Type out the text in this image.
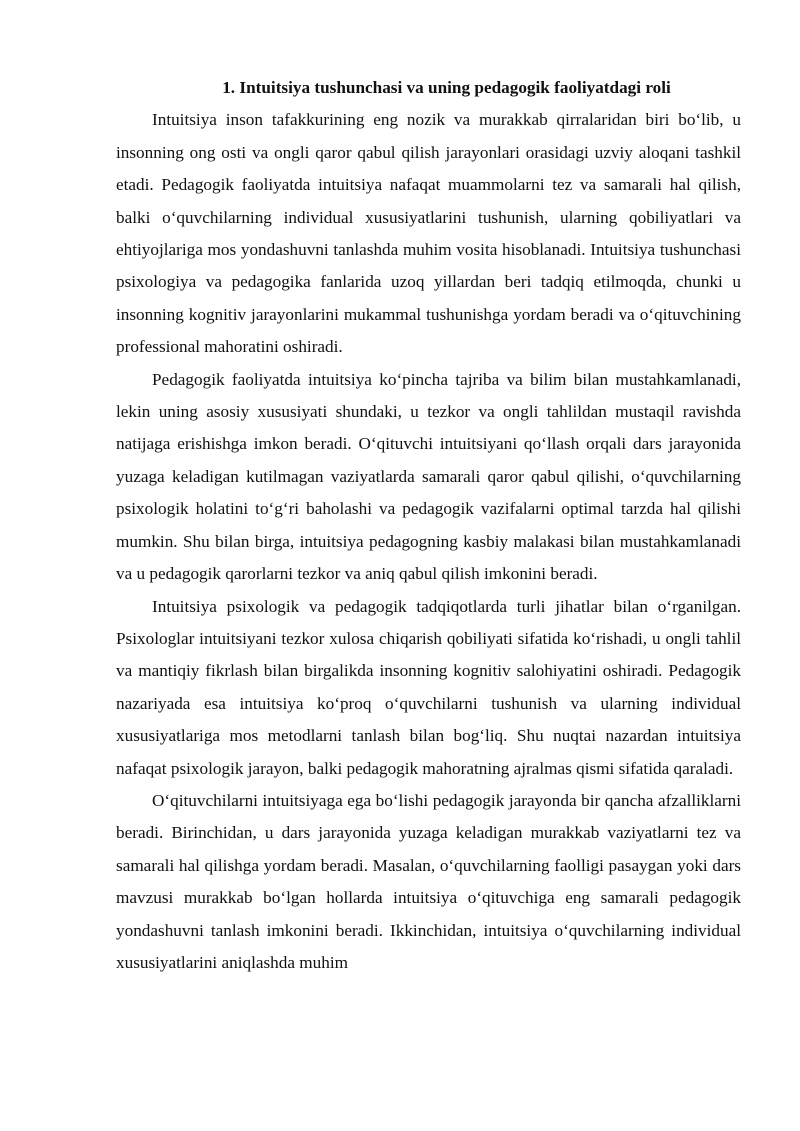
1. Intuitsiya tushunchasi va uning pedagogik faoliyatdagi roli

Intuitsiya inson tafakkurining eng nozik va murakkab qirralaridan biri bo‘lib, u insonning ong osti va ongli qaror qabul qilish jarayonlari orasidagi uzviy aloqani tashkil etadi. Pedagogik faoliyatda intuitsiya nafaqat muammolarni tez va samarali hal qilish, balki o‘quvchilarning individual xususiyatlarini tushunish, ularning qobiliyatlari va ehtiyojlariga mos yondashuvni tanlashda muhim vosita hisoblanadi. Intuitsiya tushunchasi psixologiya va pedagogika fanlarida uzoq yillardan beri tadqiq etilmoqda, chunki u insonning kognitiv jarayonlarini mukammal tushunishga yordam beradi va o‘qituvchining professional mahoratini oshiradi.

Pedagogik faoliyatda intuitsiya ko‘pincha tajriba va bilim bilan mustahkamlanadi, lekin uning asosiy xususiyati shundaki, u tezkor va ongli tahlildan mustaqil ravishda natijaga erishishga imkon beradi. O‘qituvchi intuitsiyani qo‘llash orqali dars jarayonida yuzaga keladigan kutilmagan vaziyatlarda samarali qaror qabul qilishi, o‘quvchilarning psixologik holatini to‘g‘ri baholashi va pedagogik vazifalarni optimal tarzda hal qilishi mumkin. Shu bilan birga, intuitsiya pedagogning kasbiy malakasi bilan mustahkamlanadi va u pedagogik qarorlarni tezkor va aniq qabul qilish imkonini beradi.

Intuitsiya psixologik va pedagogik tadqiqotlarda turli jihatlar bilan o‘rganilgan. Psixologlar intuitsiyani tezkor xulosa chiqarish qobiliyati sifatida ko‘rishadi, u ongli tahlil va mantiqiy fikrlash bilan birgalikda insonning kognitiv salohiyatini oshiradi. Pedagogik nazariyada esa intuitsiya ko‘proq o‘quvchilarni tushunish va ularning individual xususiyatlariga mos metodlarni tanlash bilan bog‘liq. Shu nuqtai nazardan intuitsiya nafaqat psixologik jarayon, balki pedagogik mahoratning ajralmas qismi sifatida qaraladi.

O‘qituvchilarni intuitsiyaga ega bo‘lishi pedagogik jarayonda bir qancha afzalliklarni beradi. Birinchidan, u dars jarayonida yuzaga keladigan murakkab vaziyatlarni tez va samarali hal qilishga yordam beradi. Masalan, o‘quvchilarning faolligi pasaygan yoki dars mavzusi murakkab bo‘lgan hollarda intuitsiya o‘qituvchiga eng samarali pedagogik yondashuvni tanlash imkonini beradi. Ikkinchidan, intuitsiya o‘quvchilarning individual xususiyatlarini aniqlashda muhim
